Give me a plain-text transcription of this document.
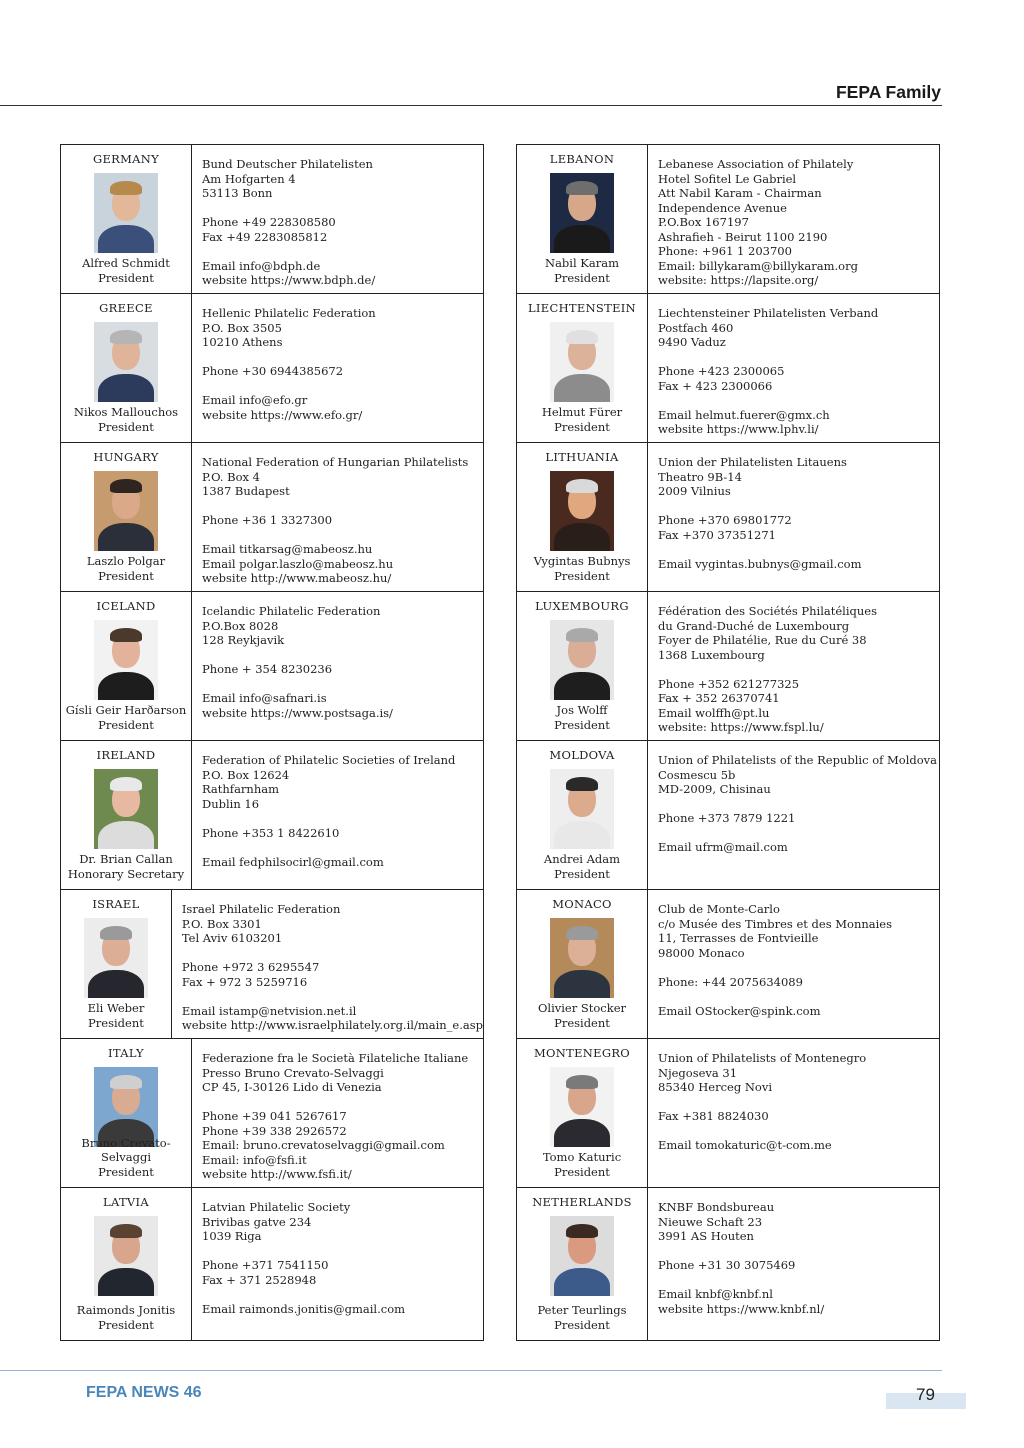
FEPA Family
GERMANY
Alfred Schmidt
President
Bund Deutscher Philatelisten
Am Hofgarten 4
53113 Bonn
Phone +49 228308580
Fax +49 2283085812
Email info@bdph.de
website https://www.bdph.de/
GREECE
Nikos Mallouchos
President
Hellenic Philatelic Federation
P.O. Box 3505
10210 Athens
Phone +30 6944385672
Email info@efo.gr
website https://www.efo.gr/
HUNGARY
Laszlo Polgar
President
National Federation of Hungarian Philatelists
P.O. Box 4
1387 Budapest
Phone +36 1 3327300
Email titkarsag@mabeosz.hu
Email polgar.laszlo@mabeosz.hu
website http://www.mabeosz.hu/
ICELAND
Gísli Geir Harðarson
President
Icelandic Philatelic Federation
P.O.Box 8028
128 Reykjavik
Phone + 354 8230236
Email info@safnari.is
website https://www.postsaga.is/
IRELAND
Dr. Brian Callan
Honorary Secretary
Federation of Philatelic Societies of Ireland
P.O. Box 12624
Rathfarnham
Dublin 16
Phone +353 1 8422610
Email fedphilsocirl@gmail.com
ISRAEL
Eli Weber
President
Israel Philatelic Federation
P.O. Box 3301
Tel Aviv 6103201
Phone +972 3 6295547
Fax + 972 3 5259716
Email istamp@netvision.net.il
website http://www.israelphilately.org.il/main_e.asp
ITALY
Bruno Crevato-Selvaggi
President
Federazione fra le Società Filateliche Italiane
Presso Bruno Crevato-Selvaggi
CP 45, I-30126 Lido di Venezia
Phone +39 041 5267617
Phone +39 338 2926572
Email: bruno.crevatoselvaggi@gmail.com
Email: info@fsfi.it
website http://www.fsfi.it/
LATVIA
Raimonds Jonitis
President
Latvian Philatelic Society
Brivibas gatve 234
1039 Riga
Phone +371 7541150
Fax + 371 2528948
Email raimonds.jonitis@gmail.com
LEBANON
Nabil Karam
President
Lebanese Association of Philately
Hotel Sofitel Le Gabriel
Att Nabil Karam - Chairman
Independence Avenue
P.O.Box 167197
Ashrafieh - Beirut 1100 2190
Phone: +961 1 203700
Email: billykaram@billykaram.org
website: https://lapsite.org/
LIECHTENSTEIN
Helmut Fürer
President
Liechtensteiner Philatelisten Verband
Postfach 460
9490 Vaduz
Phone +423 2300065
Fax + 423 2300066
Email helmut.fuerer@gmx.ch
website https://www.lphv.li/
LITHUANIA
Vygintas Bubnys
President
Union der Philatelisten Litauens
Theatro 9B-14
2009 Vilnius
Phone +370 69801772
Fax +370 37351271
Email vygintas.bubnys@gmail.com
LUXEMBOURG
Jos Wolff
President
Fédération des Sociétés Philatéliques
du Grand-Duché de Luxembourg
Foyer de Philatélie, Rue du Curé 38
1368 Luxembourg
Phone +352 621277325
Fax + 352 26370741
Email wolffh@pt.lu
website: https://www.fspl.lu/
MOLDOVA
Andrei Adam
President
Union of Philatelists of the Republic of Moldova
Cosmescu 5b
MD-2009, Chisinau
Phone +373 7879 1221
Email ufrm@mail.com
MONACO
Olivier Stocker
President
Club de Monte-Carlo
c/o Musée des Timbres et des Monnaies
11, Terrasses de Fontvieille
98000 Monaco
Phone: +44 2075634089
Email OStocker@spink.com
MONTENEGRO
Tomo Katuric
President
Union of Philatelists of Montenegro
Njegoseva 31
85340 Herceg Novi
Fax +381 8824030
Email tomokaturic@t-com.me
NETHERLANDS
Peter Teurlings
President
KNBF Bondsbureau
Nieuwe Schaft 23
3991 AS Houten
Phone +31 30 3075469
Email knbf@knbf.nl
website https://www.knbf.nl/
FEPA NEWS 46	79
